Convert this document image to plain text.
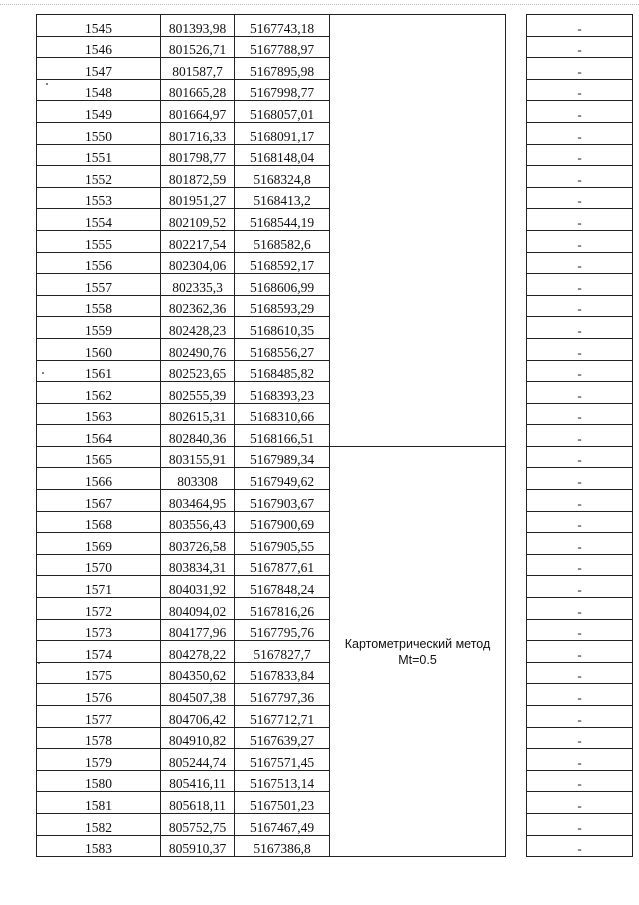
1545	801393,98	5167743,18			-
1546	801526,71	5167788,97			-
1547	801587,7	5167895,98			-
1548	801665,28	5167998,77			-
1549	801664,97	5168057,01			-
1550	801716,33	5168091,17			-
1551	801798,77	5168148,04			-
1552	801872,59	5168324,8			-
1553	801951,27	5168413,2			-
1554	802109,52	5168544,19			-
1555	802217,54	5168582,6			-
1556	802304,06	5168592,17			-
1557	802335,3	5168606,99			-
1558	802362,36	5168593,29			-
1559	802428,23	5168610,35			-
1560	802490,76	5168556,27			-
1561	802523,65	5168485,82			-
1562	802555,39	5168393,23			-
1563	802615,31	5168310,66			-
1564	802840,36	5168166,51			-
1565	803155,91	5167989,34	Картометрический метод
Mt=0.5		-
1566	803308	5167949,62			-
1567	803464,95	5167903,67			-
1568	803556,43	5167900,69			-
1569	803726,58	5167905,55			-
1570	803834,31	5167877,61			-
1571	804031,92	5167848,24			-
1572	804094,02	5167816,26			-
1573	804177,96	5167795,76			-
1574	804278,22	5167827,7			-
1575	804350,62	5167833,84			-
1576	804507,38	5167797,36			-
1577	804706,42	5167712,71			-
1578	804910,82	5167639,27			-
1579	805244,74	5167571,45			-
1580	805416,11	5167513,14			-
1581	805618,11	5167501,23			-
1582	805752,75	5167467,49			-
1583	805910,37	5167386,8			-
